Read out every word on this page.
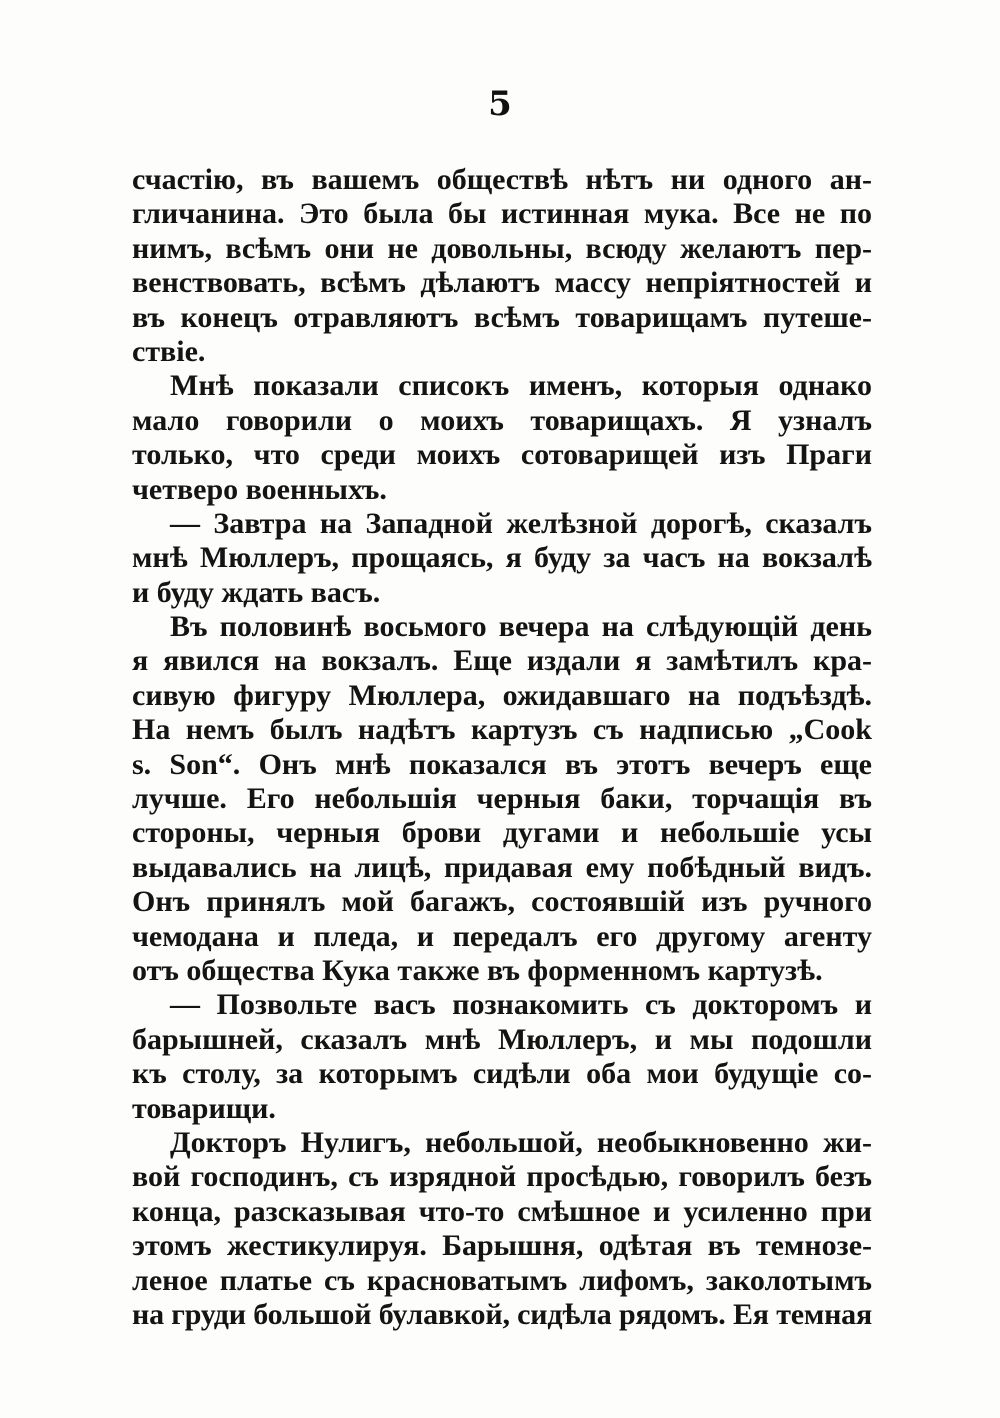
5
счастію, въ вашемъ обществѣ нѣтъ ни одного ан-
гличанина. Это была бы истинная мука. Все не по
нимъ, всѣмъ они не довольны, всюду желаютъ пер-
венствовать, всѣмъ дѣлаютъ массу непріятностей и
въ конецъ отравляютъ всѣмъ товарищамъ путеше-
ствіе.
Мнѣ показали списокъ именъ, которыя однако
мало говорили о моихъ товарищахъ. Я узналъ
только, что среди моихъ сотоварищей изъ Праги
четверо военныхъ.
— Завтра на Западной желѣзной дорогѣ, сказалъ
мнѣ Мюллеръ, прощаясь, я буду за часъ на вокзалѣ
и буду ждать васъ.
Въ половинѣ восьмого вечера на слѣдующій день
я явился на вокзалъ. Еще издали я замѣтилъ кра-
сивую фигуру Мюллера, ожидавшаго на подъѣздѣ.
На немъ былъ надѣтъ картузъ съ надписью „Cook
s. Son“. Онъ мнѣ показался въ этотъ вечеръ еще
лучше. Его небольшія черныя баки, торчащія въ
стороны, черныя брови дугами и небольшіе усы
выдавались на лицѣ, придавая ему побѣдный видъ.
Онъ принялъ мой багажъ, состоявшій изъ ручного
чемодана и пледа, и передалъ его другому агенту
отъ общества Кука также въ форменномъ картузѣ.
— Позвольте васъ познакомить съ докторомъ и
барышней, сказалъ мнѣ Мюллеръ, и мы подошли
къ столу, за которымъ сидѣли оба мои будущіе со-
товарищи.
Докторъ Нулигъ, небольшой, необыкновенно жи-
вой господинъ, съ изрядной просѣдью, говорилъ безъ
конца, разсказывая что-то смѣшное и усиленно при
этомъ жестикулируя. Барышня, одѣтая въ темнозе-
леное платье съ красноватымъ лифомъ, заколотымъ
на груди большой булавкой, сидѣла рядомъ. Ея темная
